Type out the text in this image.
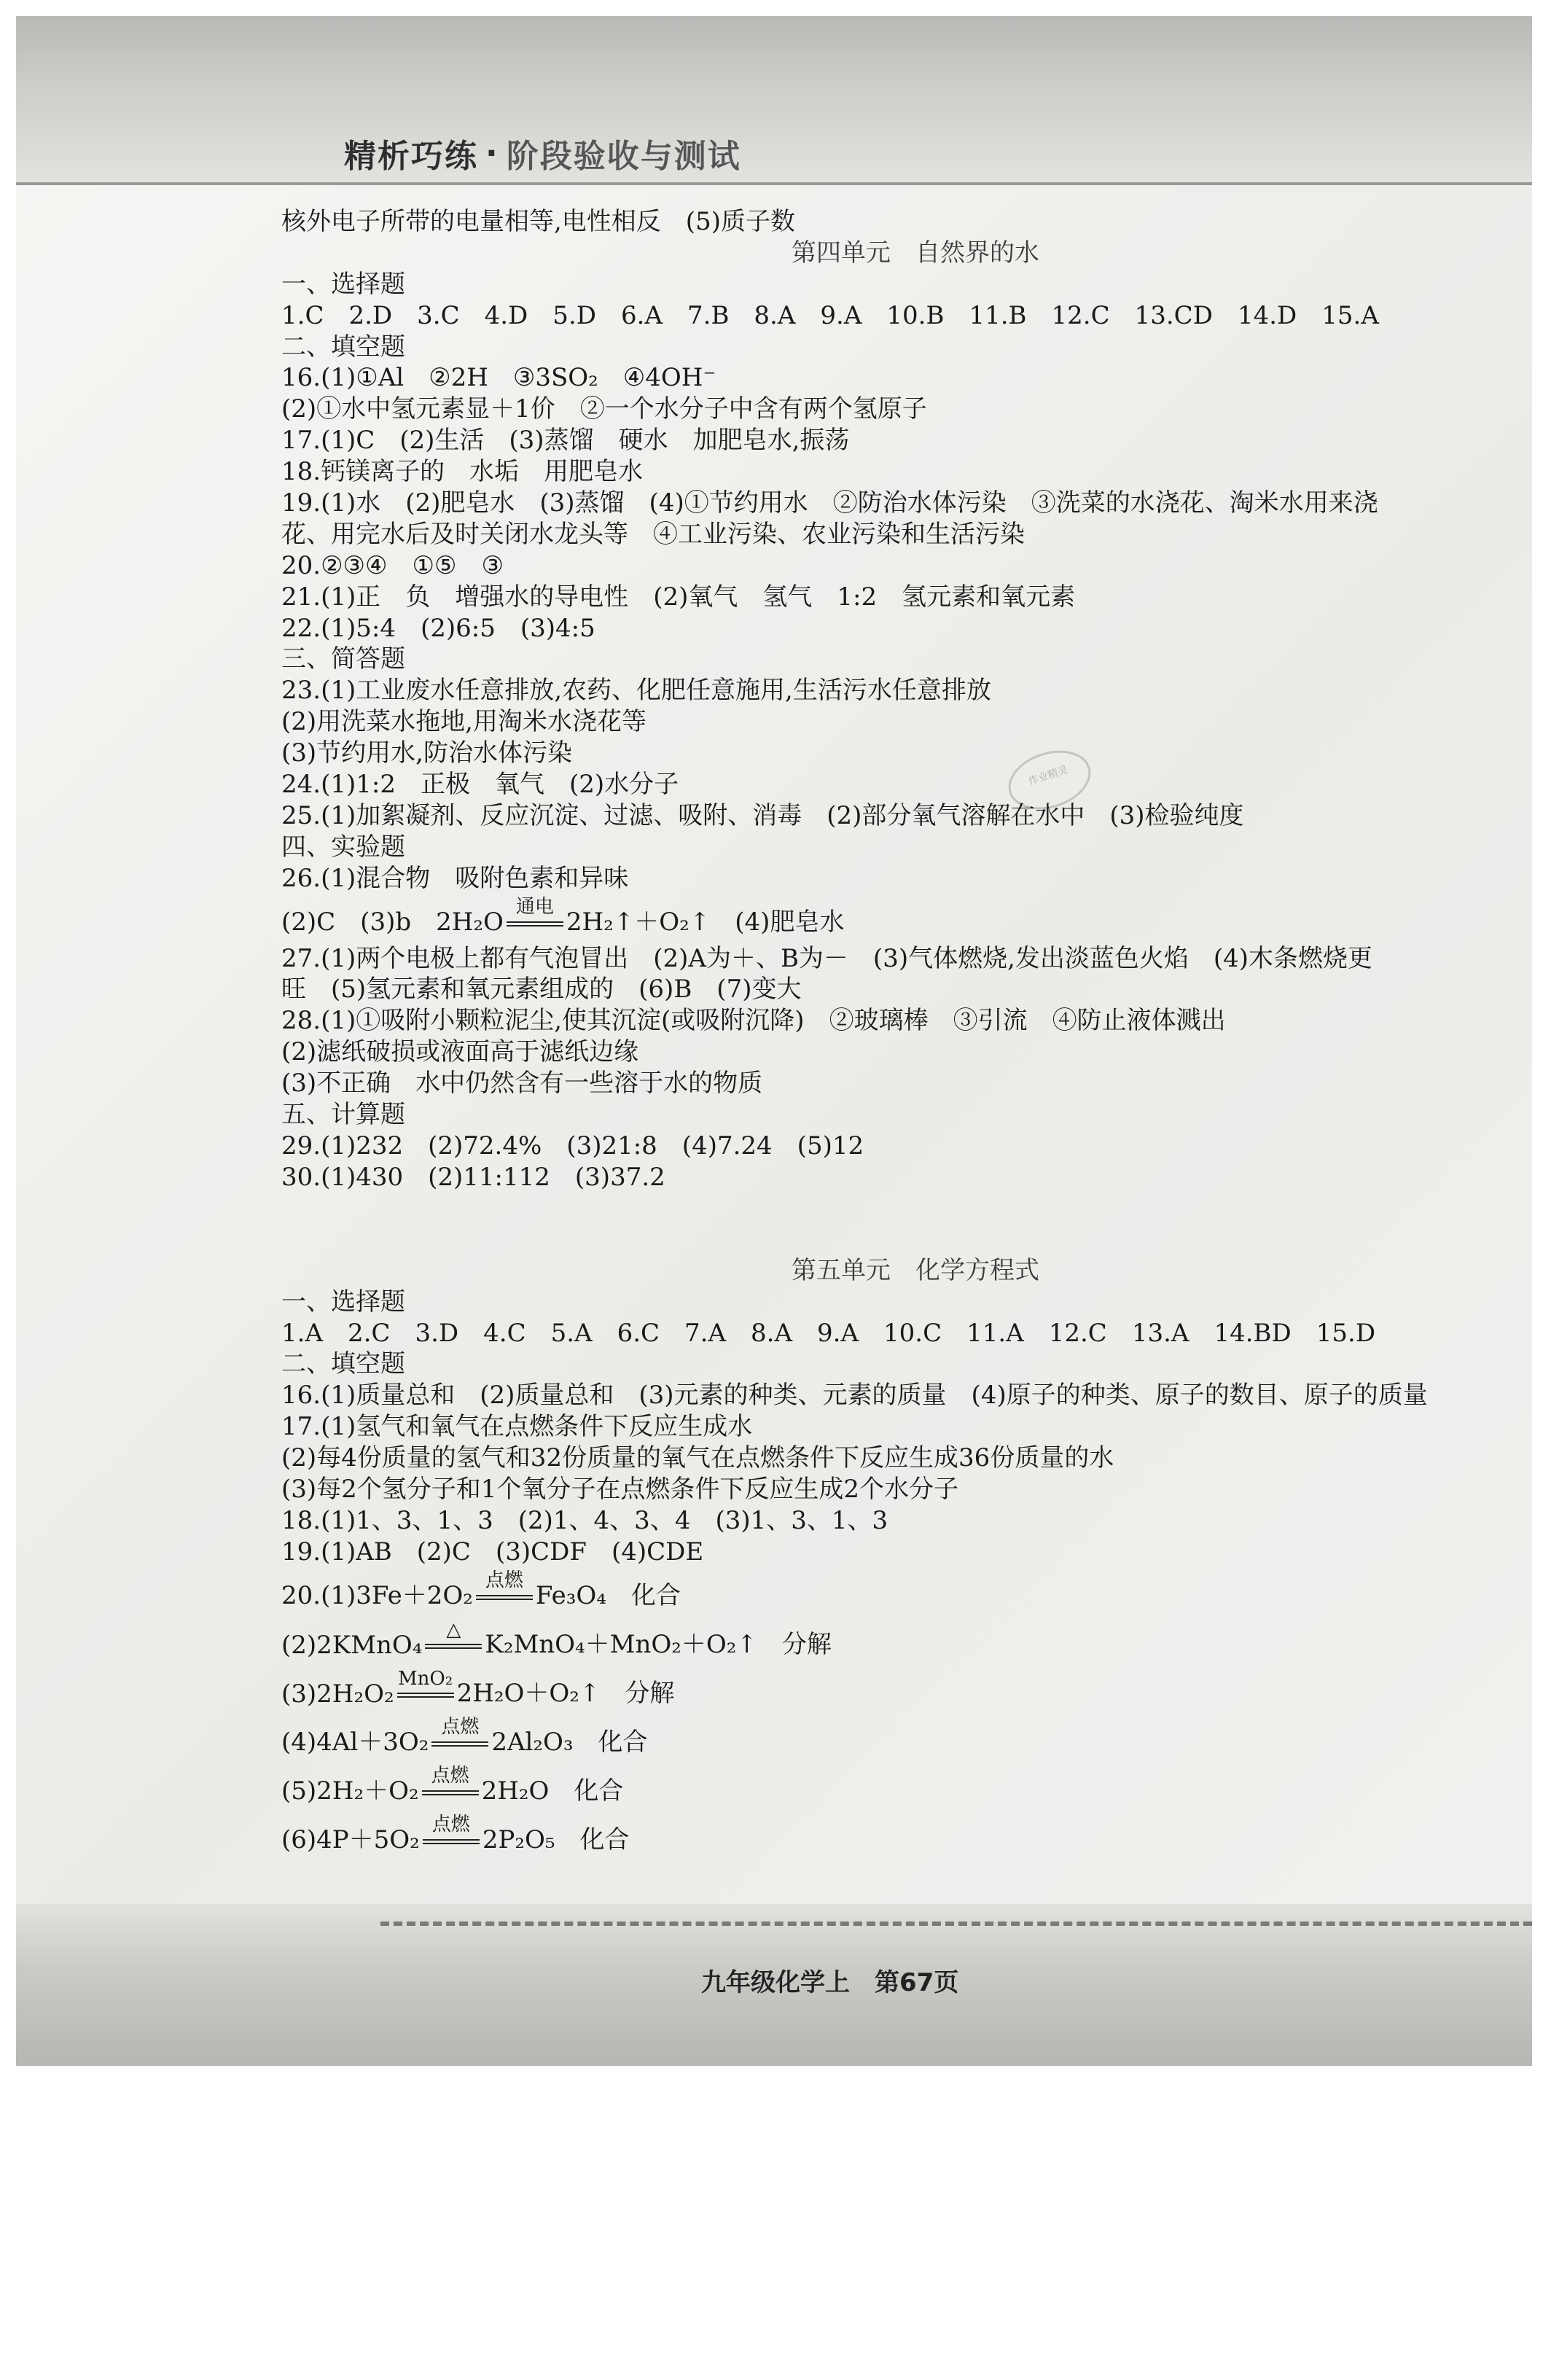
精析巧练 · 阶段验收与测试
作业精灵
九年级化学上　第67页
核外电子所带的电量相等,电性相反　(5)质子数
第四单元　自然界的水
一、选择题
1.C　2.D　3.C　4.D　5.D　6.A　7.B　8.A　9.A　10.B　11.B　12.C　13.CD　14.D　15.A
二、填空题
16.(1)①Al　②2H　③3SO₂　④4OH⁻
(2)①水中氢元素显＋1价　②一个水分子中含有两个氢原子
17.(1)C　(2)生活　(3)蒸馏　硬水　加肥皂水,振荡
18.钙镁离子的　水垢　用肥皂水
19.(1)水　(2)肥皂水　(3)蒸馏　(4)①节约用水　②防治水体污染　③洗菜的水浇花、淘米水用来浇
花、用完水后及时关闭水龙头等　④工业污染、农业污染和生活污染
20.②③④　①⑤　③
21.(1)正　负　增强水的导电性　(2)氧气　氢气　1:2　氢元素和氧元素
22.(1)5:4　(2)6:5　(3)4:5
三、简答题
23.(1)工业废水任意排放,农药、化肥任意施用,生活污水任意排放
(2)用洗菜水拖地,用淘米水浇花等
(3)节约用水,防治水体污染
24.(1)1:2　正极　氧气　(2)水分子
25.(1)加絮凝剂、反应沉淀、过滤、吸附、消毒　(2)部分氧气溶解在水中　(3)检验纯度
四、实验题
26.(1)混合物　吸附色素和异味
(2)C　(3)b　2H₂O
通电
2H₂↑＋O₂↑　(4)肥皂水
27.(1)两个电极上都有气泡冒出　(2)A为＋、B为－　(3)气体燃烧,发出淡蓝色火焰　(4)木条燃烧更
旺　(5)氢元素和氧元素组成的　(6)B　(7)变大
28.(1)①吸附小颗粒泥尘,使其沉淀(或吸附沉降)　②玻璃棒　③引流　④防止液体溅出
(2)滤纸破损或液面高于滤纸边缘
(3)不正确　水中仍然含有一些溶于水的物质
五、计算题
29.(1)232　(2)72.4%　(3)21:8　(4)7.24　(5)12
30.(1)430　(2)11:112　(3)37.2
第五单元　化学方程式
一、选择题
1.A　2.C　3.D　4.C　5.A　6.C　7.A　8.A　9.A　10.C　11.A　12.C　13.A　14.BD　15.D
二、填空题
16.(1)质量总和　(2)质量总和　(3)元素的种类、元素的质量　(4)原子的种类、原子的数目、原子的质量
17.(1)氢气和氧气在点燃条件下反应生成水
(2)每4份质量的氢气和32份质量的氧气在点燃条件下反应生成36份质量的水
(3)每2个氢分子和1个氧分子在点燃条件下反应生成2个水分子
18.(1)1、3、1、3　(2)1、4、3、4　(3)1、3、1、3
19.(1)AB　(2)C　(3)CDF　(4)CDE
20.(1)3Fe＋2O₂
点燃
Fe₃O₄　化合
(2)2KMnO₄
△ K₂MnO₄＋MnO₂＋O₂↑　分解
(3)2H₂O₂
MnO₂ 2H₂O＋O₂↑　分解
(4)4Al＋3O₂
点燃
2Al₂O₃　化合
(5)2H₂＋O₂
点燃
2H₂O　化合
(6)4P＋5O₂
点燃
2P₂O₅　化合
